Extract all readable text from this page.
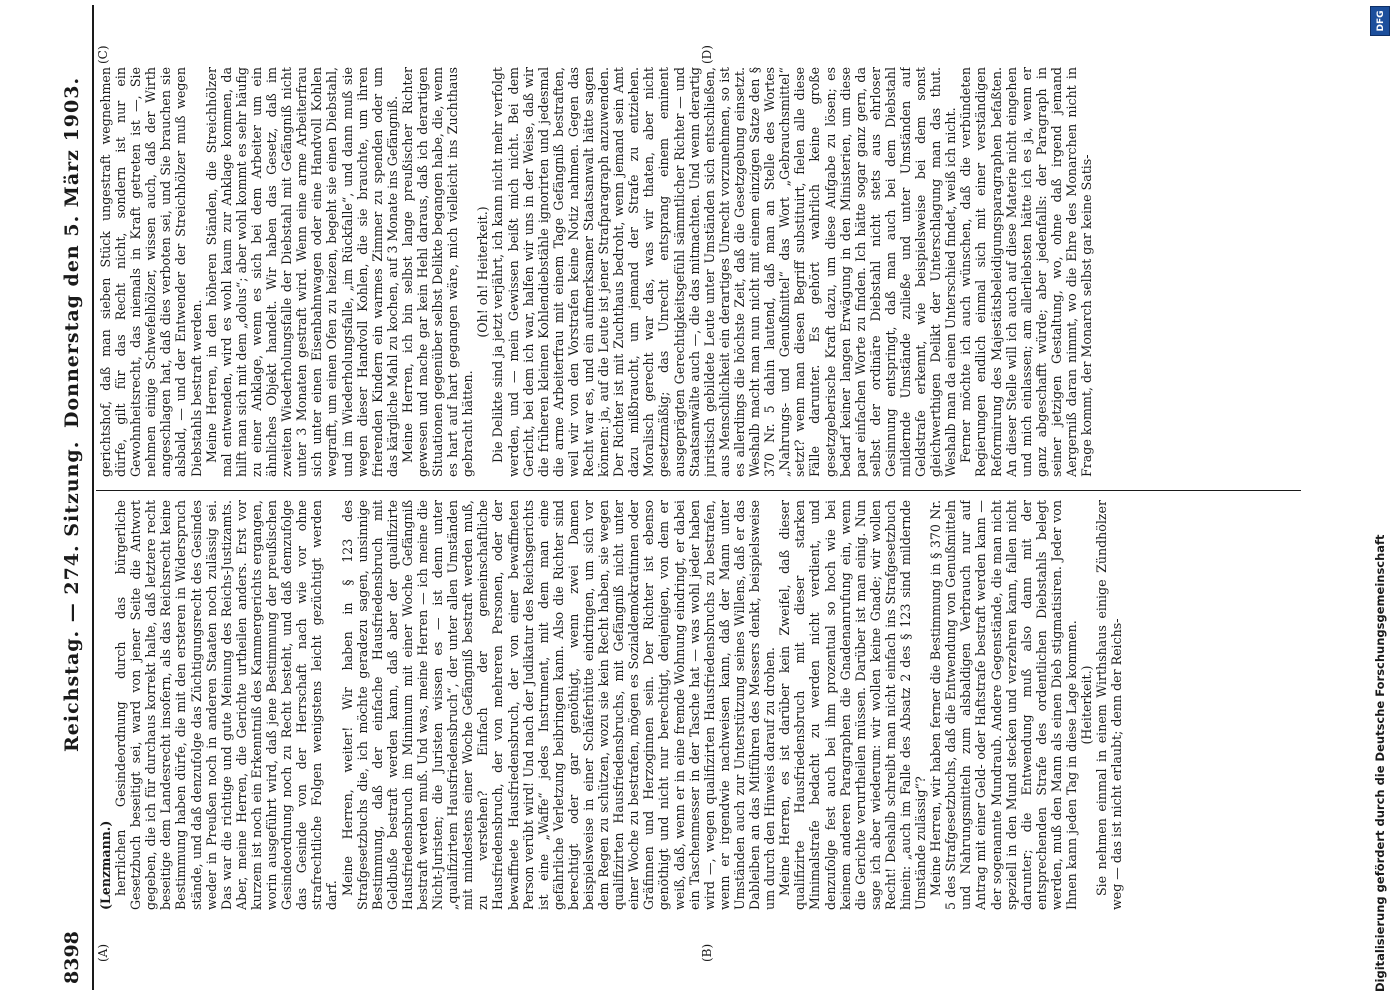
8398
Reichstag. — 274. Sitzung.
Donnerstag den 5. März 1903.
(A)	(B)
(C)	(D)

(Lenzmann.) herrlichen Gesindeordnung durch das bürgerliche Gesetzbuch beseitigt sei, ward von jener Seite die Antwort gegeben, die ich für durchaus korrekt halte, daß letztere recht beseitige dem Landesrecht insofern, als das Reichsrecht keine Bestimmung haben dürfe, die mit den ersteren in Widerspruch stände, und daß denzufolge das Züchtigungsrecht des Gesindes weder in Preußen noch in anderen Staaten noch zulässig sei. Das war die richtige und gute Meinung des Reichs-Justizamts. Aber, meine Herren, die Gerichte urtheilen anders. Erst vor kurzem ist noch ein Erkenntniß des Kammergerichts ergangen, worin ausgeführt wird, daß jene Bestimmung der preußischen Gesindeordnung noch zu Recht besteht, und daß demzufolge das Gesinde von der Herrschaft nach wie vor ohne strafrechtliche Folgen wenigstens leicht gezüchtigt werden darf. Meine Herren, weiter! Wir haben in § 123 des Strafgesetzbuchs die, ich möchte geradezu sagen, unsinnige Bestimmung, daß der einfache Hausfriedensbruch mit Geldbuße bestraft werden kann, daß aber der qualifizirte Hausfriedensbruch im Minimum mit einer Woche Gefängniß bestraft werden muß. Und was, meine Herren — ich meine die Nicht-Juristen; die Juristen wissen es — ist denn unter „qualifizirtem Hausfriedensbruch“, der unter allen Umständen mit mindestens einer Woche Gefängniß bestraft werden muß, zu verstehen? Einfach der gemeinschaftliche Hausfriedensbruch, der von mehreren Personen, oder der bewaffnete Hausfriedensbruch, der von einer bewaffneten Person verübt wird! Und nach der Judikatur des Reichsgerichts ist eine „Waffe“ jedes Instrument, mit dem man eine gefährliche Verletzung beibringen kann. Also die Richter sind berechtigt oder gar genöthigt, wenn zwei Damen beispielsweise in einer Schäferhütte eindringen, um sich vor dem Regen zu schützen, wozu sie kein Recht haben, sie wegen qualifizirten Hausfriedensbruchs, mit Gefängniß nicht unter einer Woche zu bestrafen, mögen es Sozialdemokratinnen oder Gräfinnen und Herzoginnen sein. Der Richter ist ebenso genöthigt und nicht nur berechtigt, denjenigen, von dem er weiß, daß, wenn er in eine fremde Wohnung eindringt, er dabei ein Taschenmesser in der Tasche hat — was wohl jeder haben wird —, wegen qualifizirten Hausfriedensbruchs zu bestrafen, wenn er irgendwie nachweisen kann, daß der Mann unter Umständen auch zur Unterstützung seines Willens, daß er das Dableiben an das Mitführen des Messers denkt, beispielsweise um durch den Hinweis darauf zu drohen. Meine Herren, es ist darüber kein Zweifel, daß dieser qualifizirte Hausfriedensbruch mit dieser starken Minimalstrafe bedacht zu werden nicht verdient, und denzufolge fest auch bei ihm prozentual so hoch wie bei keinem anderen Paragraphen die Gnadenanrufung ein, wenn die Gerichte verurtheilen müssen. Darüber ist man einig. Nun sage ich aber wiederum: wir wollen keine Gnade; wir wollen Recht! Deshalb schreibt man nicht einfach ins Strafgesetzbuch hinein: „auch im Falle des Absatz 2 des § 123 sind mildernde Umstände zulässig“? Meine Herren, wir haben ferner die Bestimmung in § 370 Nr. 5 des Strafgesetzbuchs, daß die Entwendung von Genußmitteln und Nahrungsmitteln zum alsbaldigen Verbrauch nur auf Antrag mit einer Geld- oder Haftstrafe bestraft werden kann — der sogenannte Mundraub. Andere Gegenstände, die man nicht speziell in den Mund stecken und verzehren kann, fallen nicht darunter; die Entwendung muß also dann mit der entsprechenden Strafe des ordentlichen Diebstahls belegt werden, muß den Mann als einen Dieb stigmatisiren. Jeder von Ihnen kann jeden Tag in diese Lage kommen. (Heiterkeit.) Sie nehmen einmal in einem Wirthshaus einige Zündhölzer weg — das ist nicht erlaubt; denn der Reichs-

gerichtshof, daß man sieben Stück ungestraft wegnehmen dürfe, gilt für das Recht nicht, sondern ist nur ein Gewohnheitsrecht, das niemals in Kraft getreten ist —, Sie nehmen einige Schwefelhölzer, wissen auch, daß der Wirth angeschlagen hat, daß dies verboten sei, und Sie brauchen sie alsbald, — und der Entwender der Streichhölzer muß wegen Diebstahls bestraft werden. Meine Herren, in den höheren Ständen, die Streichhölzer mal entwenden, wird es wohl kaum zur Anklage kommen, da hilft man sich mit dem „dolus“; aber wohl kommt es sehr häufig zu einer Anklage, wenn es sich bei dem Arbeiter um ein ähnliches Objekt handelt. Wir haben das Gesetz, daß im zweiten Wiederholungsfalle der Diebstahl mit Gefängniß nicht unter 3 Monaten gestraft wird. Wenn eine arme Arbeiterfrau sich unter einen Eisenbahnwagen oder eine Handvoll Kohlen wegrafft, um einen Ofen zu heizen, begeht sie einen Diebstahl, und im Wiederholungsfalle, „im Rückfalle“, und dann muß sie wegen dieser Handvoll Kohlen, die sie brauchte, um ihren frierenden Kindern ein warmes Zimmer zu spenden oder um das kärgliche Mahl zu kochen, auf 3 Monate ins Gefängniß. Meine Herren, ich bin selbst lange preußischer Richter gewesen und mache gar kein Hehl daraus, daß ich derartigen Situationen gegenüber selbst Delikte begangen habe, die, wenn es hart auf hart gegangen wäre, mich vielleicht ins Zuchthaus gebracht hätten.

(Oh! oh! Heiterkeit.) Die Delikte sind ja jetzt verjährt, ich kann nicht mehr verfolgt werden, und — mein Gewissen beißt mich nicht. Bei dem Gericht, bei dem ich war, halfen wir uns in der Weise, daß wir die früheren kleinen Kohlendiebstähle ignorirten und jedesmal die arme Arbeiterfrau mit einem Tage Gefängniß bestraften, weil wir von den Vorstrafen keine Notiz nahmen. Gegen das Recht war es, und ein aufmerksamer Staatsanwalt hätte sagen können: ja, auf die Leute ist jener Strafparagraph anzuwenden. Der Richter ist mit Zuchthaus bedroht, wenn jemand sein Amt dazu mißbraucht, um jemand der Strafe zu entziehen. Moralisch gerecht war das, was wir thaten, aber nicht gesetzmäßig; das Unrecht entsprang einem eminent ausgeprägten Gerechtigkeitsgefühl sämmtlicher Richter — und Staatsanwälte auch —, die das mitmachten. Und wenn derartig juristisch gebildete Leute unter Umständen sich entschließen, aus Menschlichkeit ein derartiges Unrecht vorzunehmen, so ist es allerdings die höchste Zeit, daß die Gesetzgebung einsetzt. Weshalb macht man nun nicht mit einem einzigen Satze den § 370 Nr. 5 dahin lautend, daß man an Stelle des Wortes „Nahrungs- und Genußmittel“ das Wort „Gebrauchsmittel“ setzt? wenn man diesen Begriff substituirt, fielen alle diese Fälle darunter. Es gehört wahrlich keine große gesetzgeberische Kraft dazu, um diese Aufgabe zu lösen; es bedarf keiner langen Erwägung in den Ministerien, um diese paar einfachen Worte zu finden. Ich hätte sogar ganz gern, da selbst der ordinäre Diebstahl nicht stets aus ehrloser Gesinnung entspringt, daß man auch bei dem Diebstahl mildernde Umstände zuließe und unter Umständen auf Geldstrafe erkennt, wie beispielsweise bei dem sonst gleichwerthigen Delikt der Unterschlagung man das thut. Weshalb man da einen Unterschied findet, weiß ich nicht. Ferner möchte ich auch wünschen, daß die verbündeten Regierungen endlich einmal sich mit einer verständigen Reformirung des Majestätsbeleidigungsparagraphen befaßten. An dieser Stelle will ich auch auf diese Materie nicht eingehen und mich einlassen; am allerliebsten hätte ich es ja, wenn er ganz abgeschafft würde; aber jedenfalls: der Paragraph in seiner jetzigen Gestaltung, wo, ohne daß irgend jemand Aergerniß daran nimmt, wo die Ehre des Monarchen nicht in Frage kommt, der Monarch selbst gar keine Satis-

DFG
Digitalisierung gefördert durch die Deutsche Forschungsgemeinschaft
